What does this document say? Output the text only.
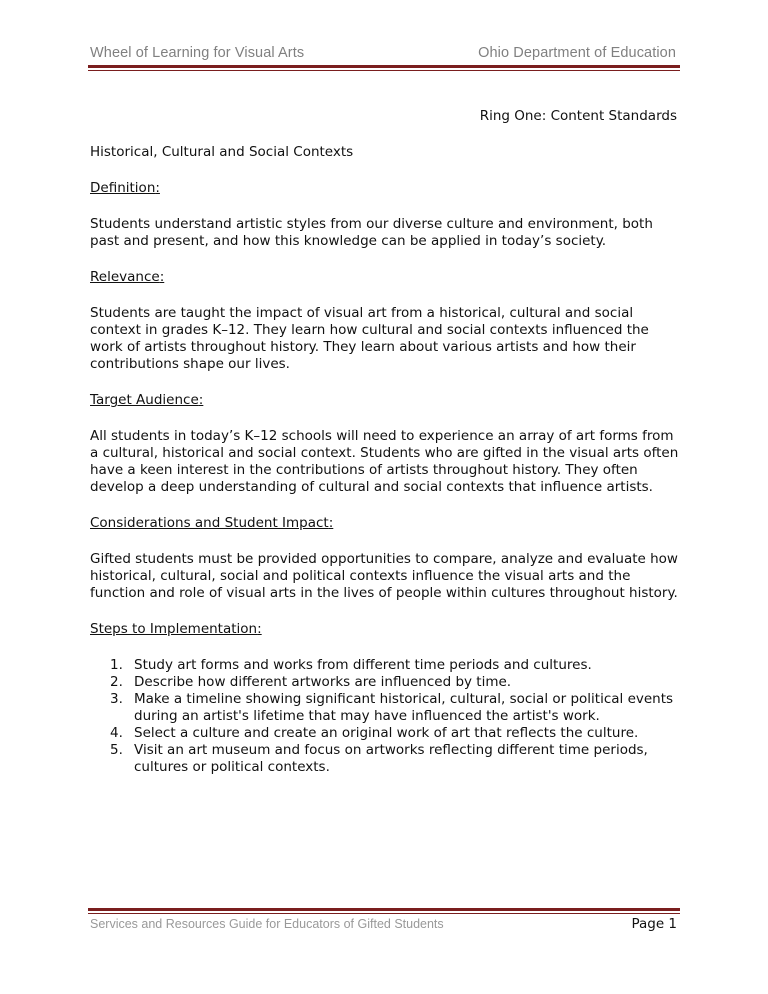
Wheel of Learning for Visual Arts	Ohio Department of Education
Ring One: Content Standards

Historical, Cultural and Social Contexts

Definition:

Students understand artistic styles from our diverse culture and environment, both past and present, and how this knowledge can be applied in today’s society.

Relevance:

Students are taught the impact of visual art from a historical, cultural and social context in grades K–12. They learn how cultural and social contexts influenced the work of artists throughout history. They learn about various artists and how their contributions shape our lives.

Target Audience:

All students in today’s K–12 schools will need to experience an array of art forms from a cultural, historical and social context. Students who are gifted in the visual arts often have a keen interest in the contributions of artists throughout history. They often develop a deep understanding of cultural and social contexts that influence artists.

Considerations and Student Impact:

Gifted students must be provided opportunities to compare, analyze and evaluate how historical, cultural, social and political contexts influence the visual arts and the function and role of visual arts in the lives of people within cultures throughout history.

Steps to Implementation:

1. Study art forms and works from different time periods and cultures.
2. Describe how different artworks are influenced by time.
3. Make a timeline showing significant historical, cultural, social or political events during an artist's lifetime that may have influenced the artist's work.
4. Select a culture and create an original work of art that reflects the culture.
5. Visit an art museum and focus on artworks reflecting different time periods, cultures or political contexts.
Services and Resources Guide for Educators of Gifted Students	Page 1
